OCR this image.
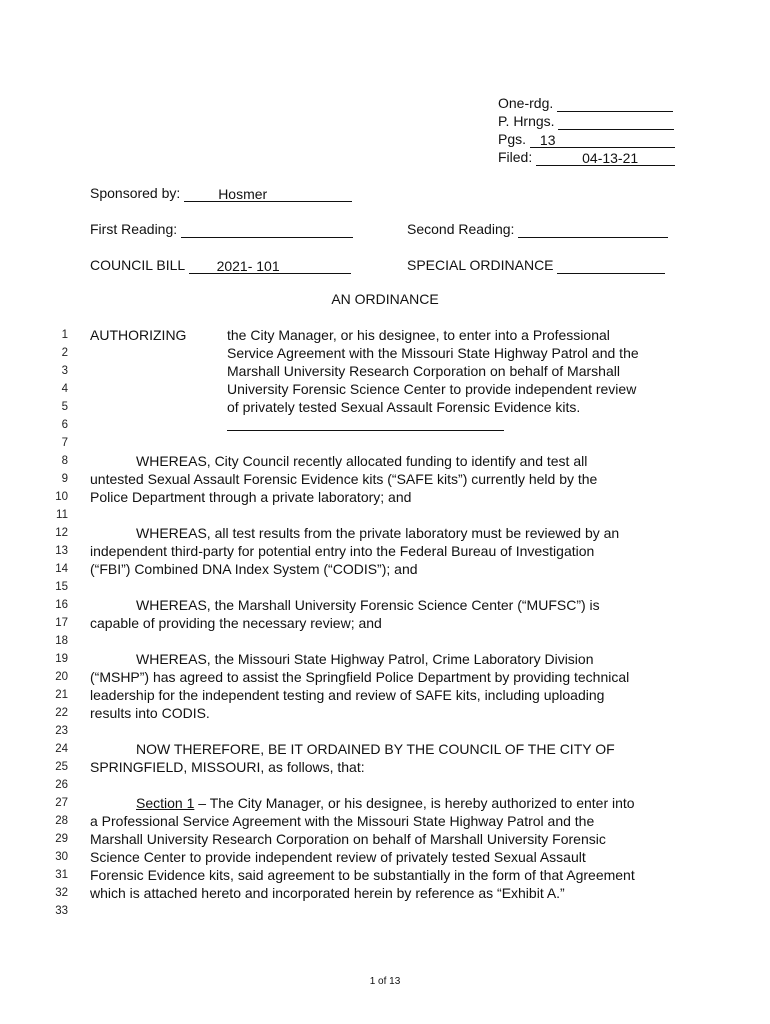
One-rdg.
P. Hrngs.
Pgs. 13
Filed:	04-13-21
Sponsored by:	Hosmer
First Reading:	Second Reading:
COUNCIL BILL 2021- 101	SPECIAL ORDINANCE
AN ORDINANCE
1
2
3
4
5
6
7
8
9
10
11
12
13
14
15
16
17
18
19
20
21
22
23
24
25
26
27
28
29
30
31
32
33
AUTHORIZING	the City Manager, or his designee, to enter into a Professional
Service Agreement with the Missouri State Highway Patrol and the
Marshall University Research Corporation on behalf of Marshall
University Forensic Science Center to provide independent review
of privately tested Sexual Assault Forensic Evidence kits.
WHEREAS, City Council recently allocated funding to identify and test all
untested Sexual Assault Forensic Evidence kits (“SAFE kits”) currently held by the
Police Department through a private laboratory; and
WHEREAS, all test results from the private laboratory must be reviewed by an
independent third-party for potential entry into the Federal Bureau of Investigation
(“FBI”) Combined DNA Index System (“CODIS”); and
WHEREAS, the Marshall University Forensic Science Center (“MUFSC”) is
capable of providing the necessary review; and
WHEREAS, the Missouri State Highway Patrol, Crime Laboratory Division
(“MSHP”) has agreed to assist the Springfield Police Department by providing technical
leadership for the independent testing and review of SAFE kits, including uploading
results into CODIS.
NOW THEREFORE, BE IT ORDAINED BY THE COUNCIL OF THE CITY OF
SPRINGFIELD, MISSOURI, as follows, that:
Section 1 – The City Manager, or his designee, is hereby authorized to enter into
a Professional Service Agreement with the Missouri State Highway Patrol and the
Marshall University Research Corporation on behalf of Marshall University Forensic
Science Center to provide independent review of privately tested Sexual Assault
Forensic Evidence kits, said agreement to be substantially in the form of that Agreement
which is attached hereto and incorporated herein by reference as “Exhibit A.”
1 of 13
